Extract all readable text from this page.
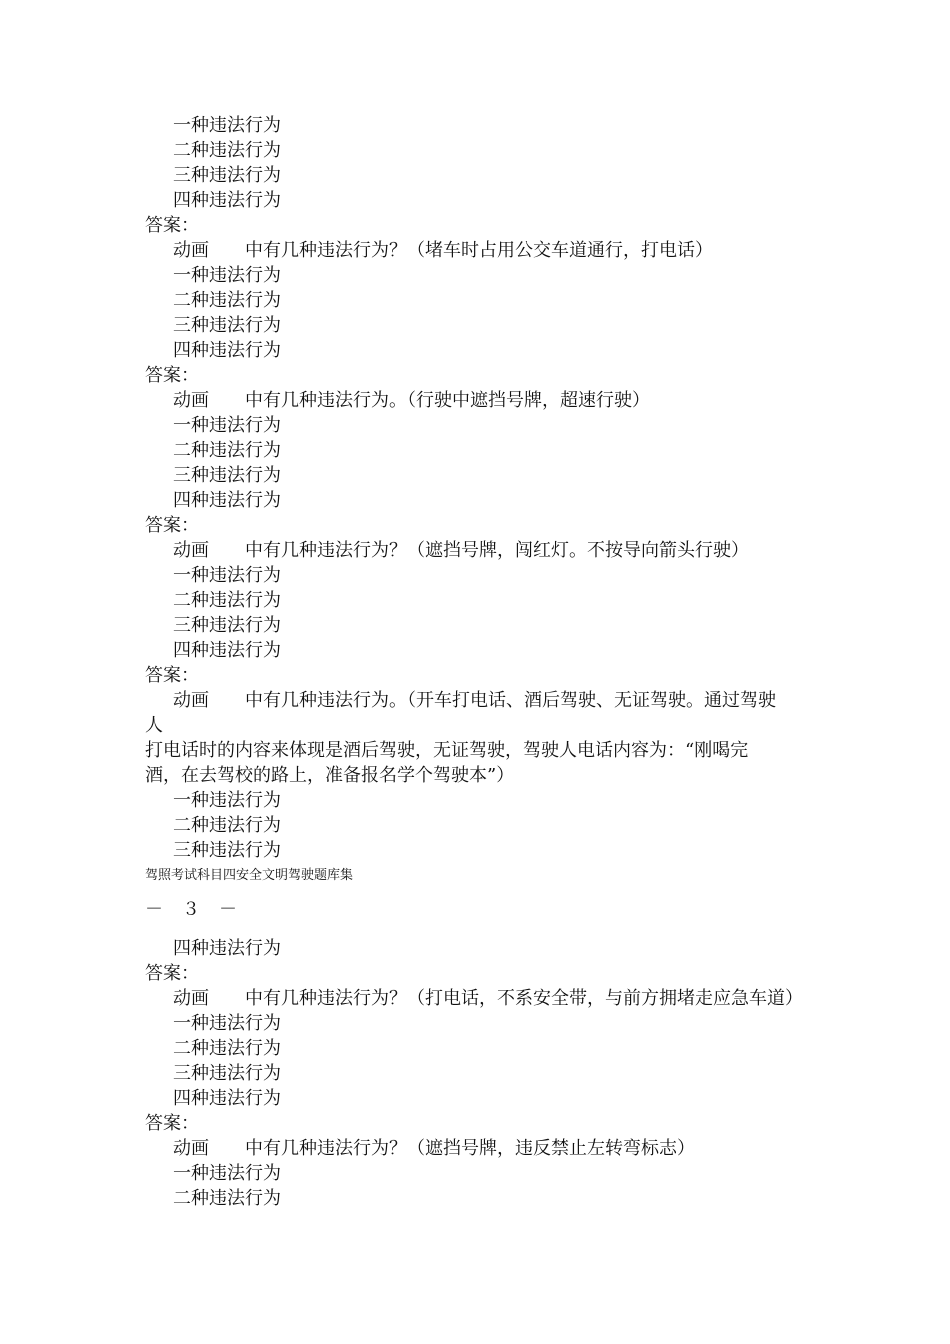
一种违法行为
二种违法行为
三种违法行为
四种违法行为
答案：
动画　　中有几种违法行为？（堵车时占用公交车道通行，打电话）
一种违法行为
二种违法行为
三种违法行为
四种违法行为
答案：
动画　　中有几种违法行为。（行驶中遮挡号牌，超速行驶）
一种违法行为
二种违法行为
三种违法行为
四种违法行为
答案：
动画　　中有几种违法行为？（遮挡号牌，闯红灯。不按导向箭头行驶）
一种违法行为
二种违法行为
三种违法行为
四种违法行为
答案：
动画　　中有几种违法行为。（开车打电话、酒后驾驶、无证驾驶。通过驾驶
人
打电话时的内容来体现是酒后驾驶，无证驾驶，驾驶人电话内容为：“刚喝完
酒，在去驾校的路上，准备报名学个驾驶本”）
一种违法行为
二种违法行为
三种违法行为
驾照考试科目四安全文明驾驶题库集
－　３　－
四种违法行为
答案：
动画　　中有几种违法行为？（打电话，不系安全带，与前方拥堵走应急车道）
一种违法行为
二种违法行为
三种违法行为
四种违法行为
答案：
动画　　中有几种违法行为？（遮挡号牌，违反禁止左转弯标志）
一种违法行为
二种违法行为
